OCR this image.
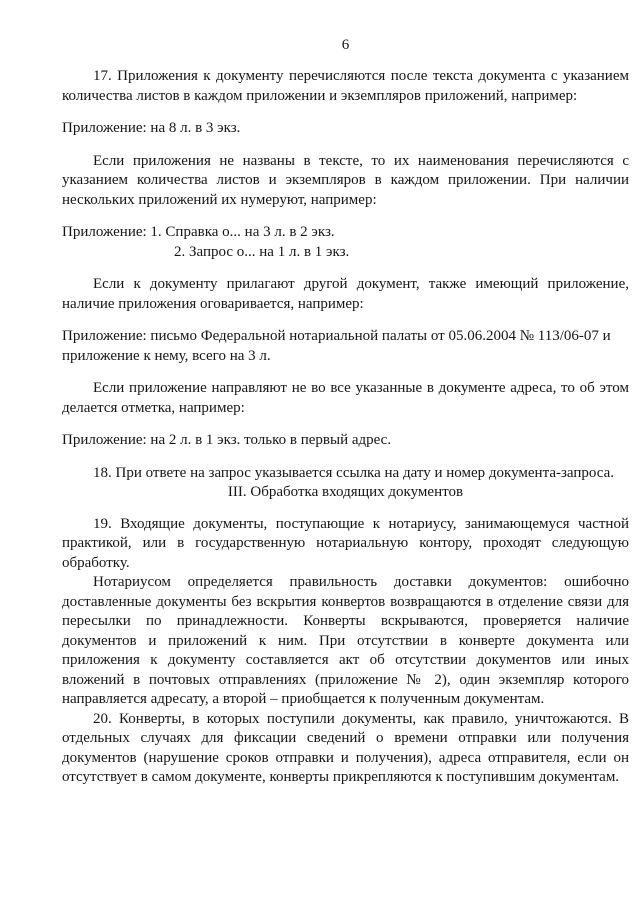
6

17. Приложения к документу перечисляются после текста документа с указанием количества листов в каждом приложении и экземпляров приложений, например:

Приложение: на 8 л. в 3 экз.

Если приложения не названы в тексте, то их наименования перечисляются с указанием количества листов и экземпляров в каждом приложении. При наличии нескольких приложений их нумеруют, например:

Приложение: 1. Справка о... на 3 л. в 2 экз.
2. Запрос о... на 1 л. в 1 экз.

Если к документу прилагают другой документ, также имеющий приложение, наличие приложения оговаривается, например:

Приложение: письмо Федеральной нотариальной палаты от 05.06.2004 № 113/06-07 и приложение к нему, всего на 3 л.

Если приложение направляют не во все указанные в документе адреса, то об этом делается отметка, например:

Приложение: на 2 л. в 1 экз. только в первый адрес.

18. При ответе на запрос указывается ссылка на дату и номер документа-запроса.

III. Обработка входящих документов

19. Входящие документы, поступающие к нотариусу, занимающемуся частной практикой, или в государственную нотариальную контору, проходят следующую обработку.

Нотариусом определяется правильность доставки документов: ошибочно доставленные документы без вскрытия конвертов возвращаются в отделение связи для пересылки по принадлежности. Конверты вскрываются, проверяется наличие документов и приложений к ним. При отсутствии в конверте документа или приложения к документу составляется акт об отсутствии документов или иных вложений в почтовых отправлениях (приложение № 2), один экземпляр которого направляется адресату, а второй – приобщается к полученным документам.

20. Конверты, в которых поступили документы, как правило, уничтожаются. В отдельных случаях для фиксации сведений о времени отправки или получения документов (нарушение сроков отправки и получения), адреса отправителя, если он отсутствует в самом документе, конверты прикрепляются к поступившим документам.
